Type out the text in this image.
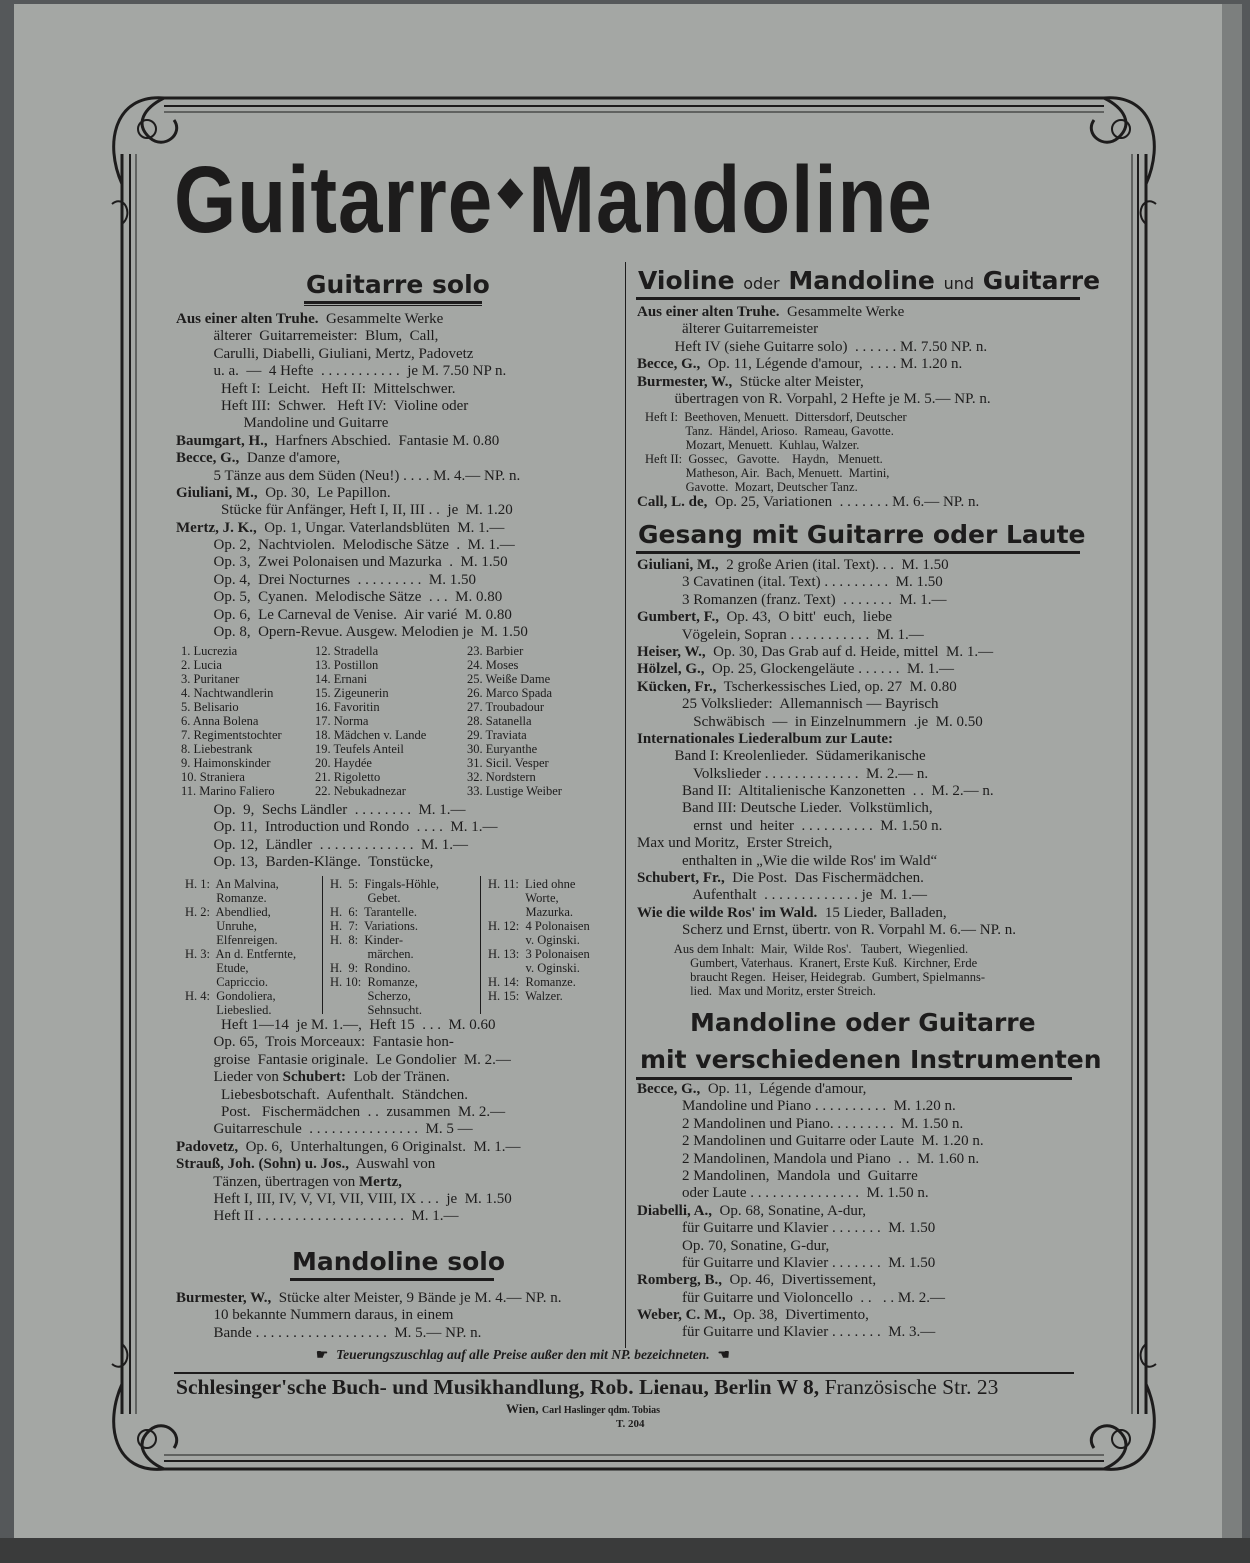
Guitarre ◆Mandoline
Guitarre solo
Aus einer alten Truhe.  Gesammelte Werke
älterer  Guitarremeister:  Blum,  Call,
Carulli, Diabelli, Giuliani, Mertz, Padovetz
u. a.  —  4 Hefte  . . . . . . . . . . .  je M. 7.50 NP n.
Heft I:  Leicht.   Heft II:  Mittelschwer.
Heft III:  Schwer.   Heft IV:  Violine oder
Mandoline und Guitarre
Baumgart, H.,  Harfners Abschied.  Fantasie M. 0.80
Becce, G.,  Danze d'amore,
5 Tänze aus dem Süden (Neu!) . . . . M. 4.— NP. n.
Giuliani, M.,  Op. 30,  Le Papillon.
Stücke für Anfänger, Heft I, II, III . .  je  M. 1.20
Mertz, J. K.,  Op. 1, Ungar. Vaterlandsblüten  M. 1.—
Op. 2,  Nachtviolen.  Melodische Sätze  .  M. 1.—
Op. 3,  Zwei Polonaisen und Mazurka  .  M. 1.50
Op. 4,  Drei Nocturnes  . . . . . . . . .  M. 1.50
Op. 5,  Cyanen.  Melodische Sätze  . . .  M. 0.80
Op. 6,  Le Carneval de Venise.  Air varié  M. 0.80
Op. 8,  Opern-Revue. Ausgew. Melodien je  M. 1.50
1. Lucrezia
2. Lucia
3. Puritaner
4. Nachtwandlerin
5. Belisario
6. Anna Bolena
7. Regimentstochter
8. Liebestrank
9. Haimonskinder
10. Straniera
11. Marino Faliero
12. Stradella
13. Postillon
14. Ernani
15. Zigeunerin
16. Favoritin
17. Norma
18. Mädchen v. Lande
19. Teufels Anteil
20. Haydée
21. Rigoletto
22. Nebukadnezar
23. Barbier
24. Moses
25. Weiße Dame
26. Marco Spada
27. Troubadour
28. Satanella
29. Traviata
30. Euryanthe
31. Sicil. Vesper
32. Nordstern
33. Lustige Weiber
Op.  9,  Sechs Ländler  . . . . . . . .  M. 1.—
Op. 11,  Introduction und Rondo  . . . .  M. 1.—
Op. 12,  Ländler  . . . . . . . . . . . . .  M. 1.—
Op. 13,  Barden-Klänge.  Tonstücke,
H. 1:  An Malvina,
Romanze.
H. 2:  Abendlied,
Unruhe,
Elfenreigen.
H. 3:  An d. Entfernte,
Etude,
Capriccio.
H. 4:  Gondoliera,
Liebeslied.
H.  5:  Fingals-Höhle,
Gebet.
H.  6:  Tarantelle.
H.  7:  Variations.
H.  8:  Kinder-
märchen.
H.  9:  Rondino.
H. 10:  Romanze,
Scherzo,
Sehnsucht.
H. 11:  Lied ohne
Worte,
Mazurka.
H. 12:  4 Polonaisen
v. Oginski.
H. 13:  3 Polonaisen
v. Oginski.
H. 14:  Romanze.
H. 15:  Walzer.
Heft 1—14  je M. 1.—,  Heft 15  . . .  M. 0.60
Op. 65,  Trois Morceaux:  Fantasie hon-
groise  Fantasie originale.  Le Gondolier  M. 2.—
Lieder von Schubert:  Lob der Tränen.
Liebesbotschaft.  Aufenthalt.  Ständchen.
Post.   Fischermädchen  . .  zusammen  M. 2.—
Guitarreschule  . . . . . . . . . . . . . . .  M. 5 —
Padovetz,  Op. 6,  Unterhaltungen, 6 Originalst.  M. 1.—
Strauß, Joh. (Sohn) u. Jos.,  Auswahl von
Tänzen, übertragen von Mertz,
Heft I, III, IV, V, VI, VII, VIII, IX . . .  je  M. 1.50
Heft II . . . . . . . . . . . . . . . . . . . .  M. 1.—
Mandoline solo
Burmester, W.,  Stücke alter Meister, 9 Bände je M. 4.— NP. n.
10 bekannte Nummern daraus, in einem
Bande . . . . . . . . . . . . . . . . . .  M. 5.— NP. n.
Violine oder Mandoline und Guitarre
Aus einer alten Truhe.  Gesammelte Werke
älterer Guitarremeister
Heft IV (siehe Guitarre solo)  . . . . . . M. 7.50 NP. n.
Becce, G.,  Op. 11, Légende d'amour,  . . . . M. 1.20 n.
Burmester, W.,  Stücke alter Meister,
übertragen von R. Vorpahl, 2 Hefte je M. 5.— NP. n.
Heft I:  Beethoven, Menuett.  Dittersdorf, Deutscher
Tanz.  Händel, Arioso.  Rameau, Gavotte.
Mozart, Menuett.  Kuhlau, Walzer.
Heft II:  Gossec,   Gavotte.    Haydn,   Menuett.
Matheson, Air.  Bach, Menuett.  Martini,
Gavotte.  Mozart, Deutscher Tanz.
Call, L. de,  Op. 25, Variationen  . . . . . . . M. 6.— NP. n.
Gesang mit Guitarre oder Laute
Giuliani, M.,  2 große Arien (ital. Text). . .  M. 1.50
3 Cavatinen (ital. Text) . . . . . . . . .  M. 1.50
3 Romanzen (franz. Text)  . . . . . . .  M. 1.—
Gumbert, F.,  Op. 43,  O bitt'  euch,  liebe
Vögelein, Sopran . . . . . . . . . . .  M. 1.—
Heiser, W.,  Op. 30, Das Grab auf d. Heide, mittel  M. 1.—
Hölzel, G.,  Op. 25, Glockengeläute . . . . . .  M. 1.—
Kücken, Fr.,  Tscherkessisches Lied, op. 27  M. 0.80
25 Volkslieder:  Allemannisch — Bayrisch
Schwäbisch  —  in Einzelnummern  .je  M. 0.50
Internationales Liederalbum zur Laute:
Band I: Kreolenlieder.  Südamerikanische
Volkslieder . . . . . . . . . . . . .  M. 2.— n.
Band II:  Altitalienische Kanzonetten  . .  M. 2.— n.
Band III: Deutsche Lieder.  Volkstümlich,
ernst  und  heiter  . . . . . . . . . .  M. 1.50 n.
Max und Moritz,  Erster Streich,
enthalten in „Wie die wilde Ros' im Wald“
Schubert, Fr.,  Die Post.  Das Fischermädchen.
Aufenthalt  . . . . . . . . . . . . . je  M. 1.—
Wie die wilde Ros' im Wald.  15 Lieder, Balladen,
Scherz und Ernst, übertr. von R. Vorpahl M. 6.— NP. n.
Aus dem Inhalt:  Mair,  Wilde Ros'.   Taubert,  Wiegenlied.
Gumbert, Vaterhaus.  Kranert, Erste Kuß.  Kirchner, Erde
braucht Regen.  Heiser, Heidegrab.  Gumbert, Spielmanns-
lied.  Max und Moritz, erster Streich.
Mandoline oder Guitarre
mit verschiedenen Instrumenten
Becce, G.,  Op. 11,  Légende d'amour,
Mandoline und Piano . . . . . . . . . .  M. 1.20 n.
2 Mandolinen und Piano. . . . . . . . .  M. 1.50 n.
2 Mandolinen und Guitarre oder Laute  M. 1.20 n.
2 Mandolinen, Mandola und Piano  . .  M. 1.60 n.
2 Mandolinen,  Mandola  und  Guitarre
oder Laute . . . . . . . . . . . . . . .  M. 1.50 n.
Diabelli, A.,  Op. 68, Sonatine, A-dur,
für Guitarre und Klavier . . . . . . .  M. 1.50
Op. 70, Sonatine, G-dur,
für Guitarre und Klavier . . . . . . .  M. 1.50
Romberg, B.,  Op. 46,  Divertissement,
für Guitarre und Violoncello  . .   . . M. 2.—
Weber, C. M.,  Op. 38,  Divertimento,
für Guitarre und Klavier . . . . . . .  M. 3.—
☛ Teuerungszuschlag auf alle Preise außer den mit NP. bezeichneten. ☚
Schlesinger'sche Buch- und Musikhandlung, Rob. Lienau, Berlin W 8, Französische Str. 23
Wien, Carl Haslinger qdm. Tobias
T. 204
